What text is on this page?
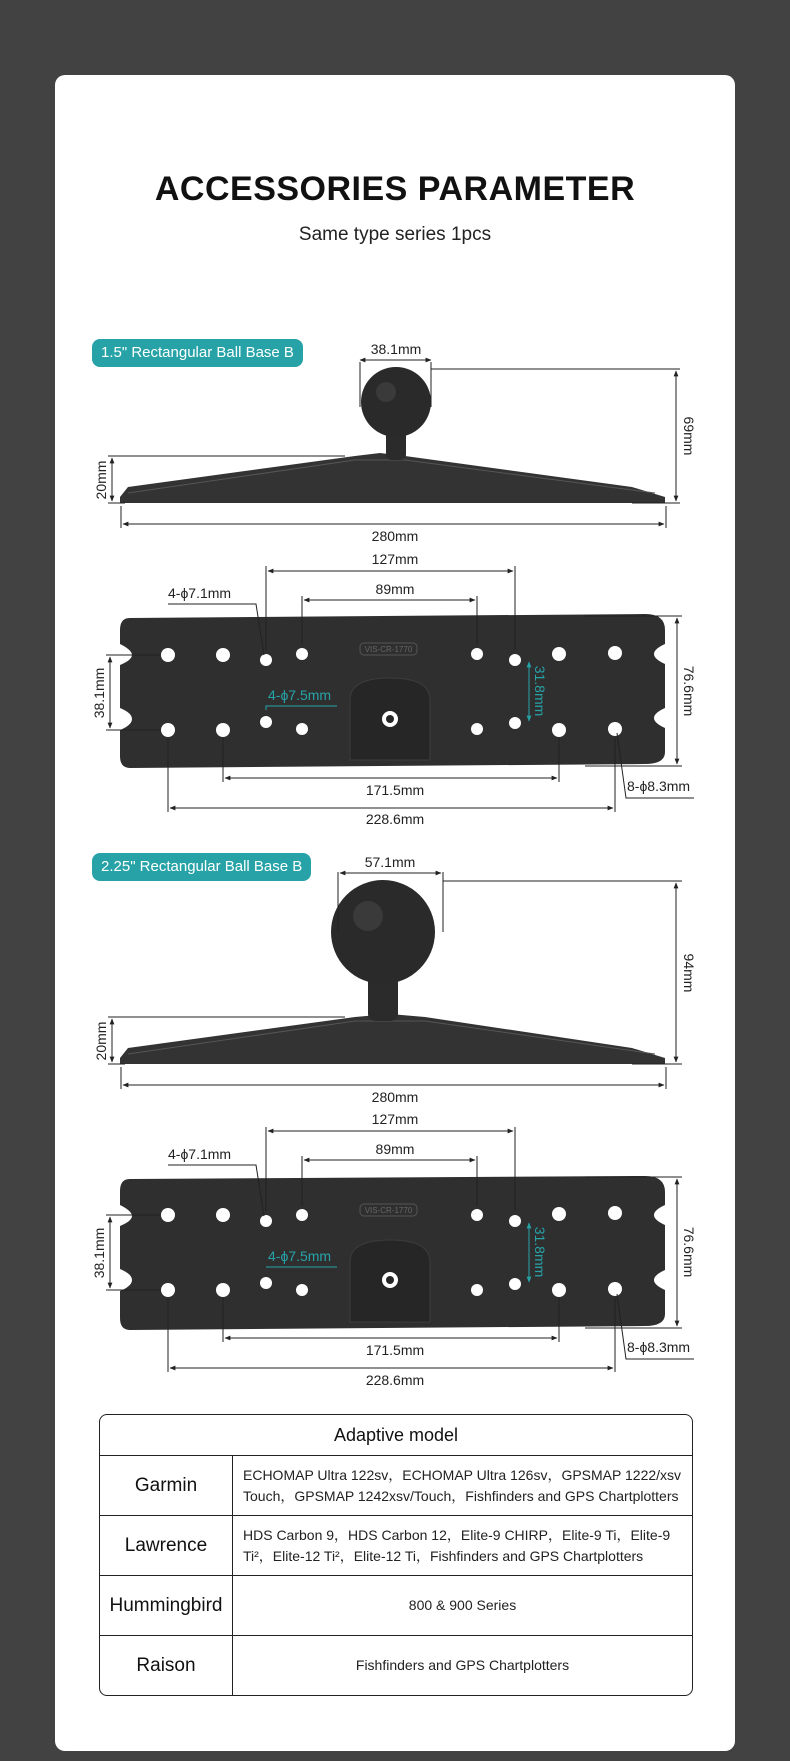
ACCESSORIES PARAMETER
Same type series 1pcs
1.5" Rectangular Ball Base B
2.25" Rectangular Ball Base B
38.1mm
69mm
20mm
280mm
VIS-CR-1770
127mm
89mm
4-ϕ7.1mm
4-ϕ7.5mm	31.8mm
38.1mm	76.6mm
171.5mm
228.6mm
8-ϕ8.3mm
57.1mm
94mm
20mm
280mm
VIS-CR-1770
127mm
89mm
4-ϕ7.1mm
4-ϕ7.5mm	31.8mm
38.1mm	76.6mm
171.5mm
228.6mm
8-ϕ8.3mm
Adaptive model
Garmin	ECHOMAP Ultra 122sv，ECHOMAP Ultra 126sv，GPSMAP 1222/xsv Touch，GPSMAP 1242xsv/Touch，Fishfinders and GPS Chartplotters
Lawrence	HDS Carbon 9，HDS Carbon 12，Elite-9 CHIRP，Elite-9 Ti，Elite-9 Ti²，Elite-12 Ti²，Elite-12 Ti，Fishfinders and GPS Chartplotters
Hummingbird	800 & 900 Series
Raison	Fishfinders and GPS Chartplotters
